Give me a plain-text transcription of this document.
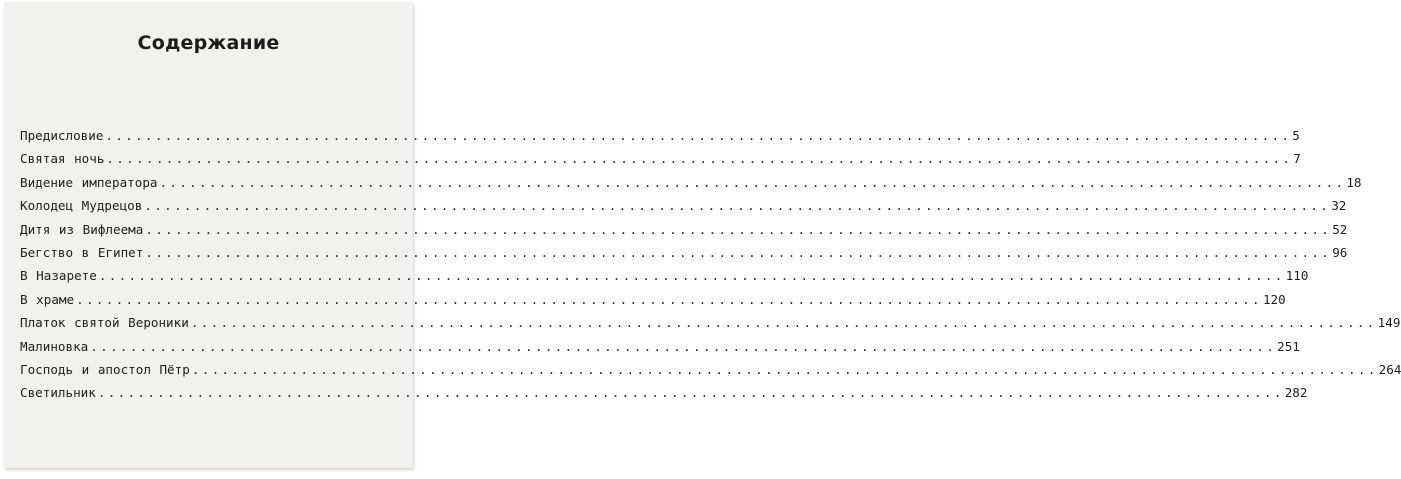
Содержание
Предисловие ........................................................................................................................ 5
Святая ночь ........................................................................................................................ 7
Видение императора ........................................................................................................................ 18
Колодец Мудрецов ........................................................................................................................ 32
Дитя из Вифлеема ........................................................................................................................ 52
Бегство в Египет ........................................................................................................................ 96
В Назарете ........................................................................................................................ 110
В храме ........................................................................................................................ 120
Платок святой Вероники ........................................................................................................................ 149
Малиновка ........................................................................................................................ 251
Господь и апостол Пётр ........................................................................................................................ 264
Светильник ........................................................................................................................ 282
